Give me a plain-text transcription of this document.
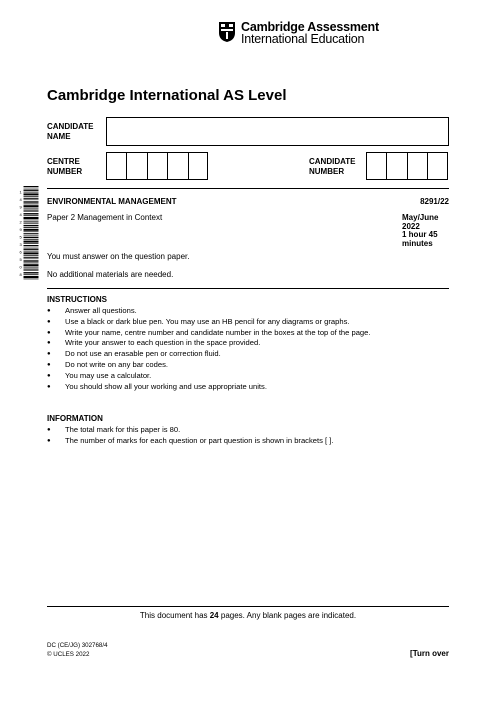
Cambridge Assessment
International Education
Cambridge International AS Level
CANDIDATE
NAME
CENTRE
NUMBER
CANDIDATE
NUMBER
1
4
9
4
2
9
5
3
6
5
0
8
ENVIRONMENTAL MANAGEMENT	8291/22
Paper 2 Management in Context	May/June 2022
1 hour 45 minutes
You must answer on the question paper.
No additional materials are needed.
INSTRUCTIONS
● Answer all questions.
● Use a black or dark blue pen. You may use an HB pencil for any diagrams or graphs.
● Write your name, centre number and candidate number in the boxes at the top of the page.
● Write your answer to each question in the space provided.
● Do not use an erasable pen or correction fluid.
● Do not write on any bar codes.
● You may use a calculator.
● You should show all your working and use appropriate units.
INFORMATION
● The total mark for this paper is 80.
● The number of marks for each question or part question is shown in brackets [ ].
This document has 24 pages. Any blank pages are indicated.
DC (CE/JG) 302768/4
© UCLES 2022	[Turn over
